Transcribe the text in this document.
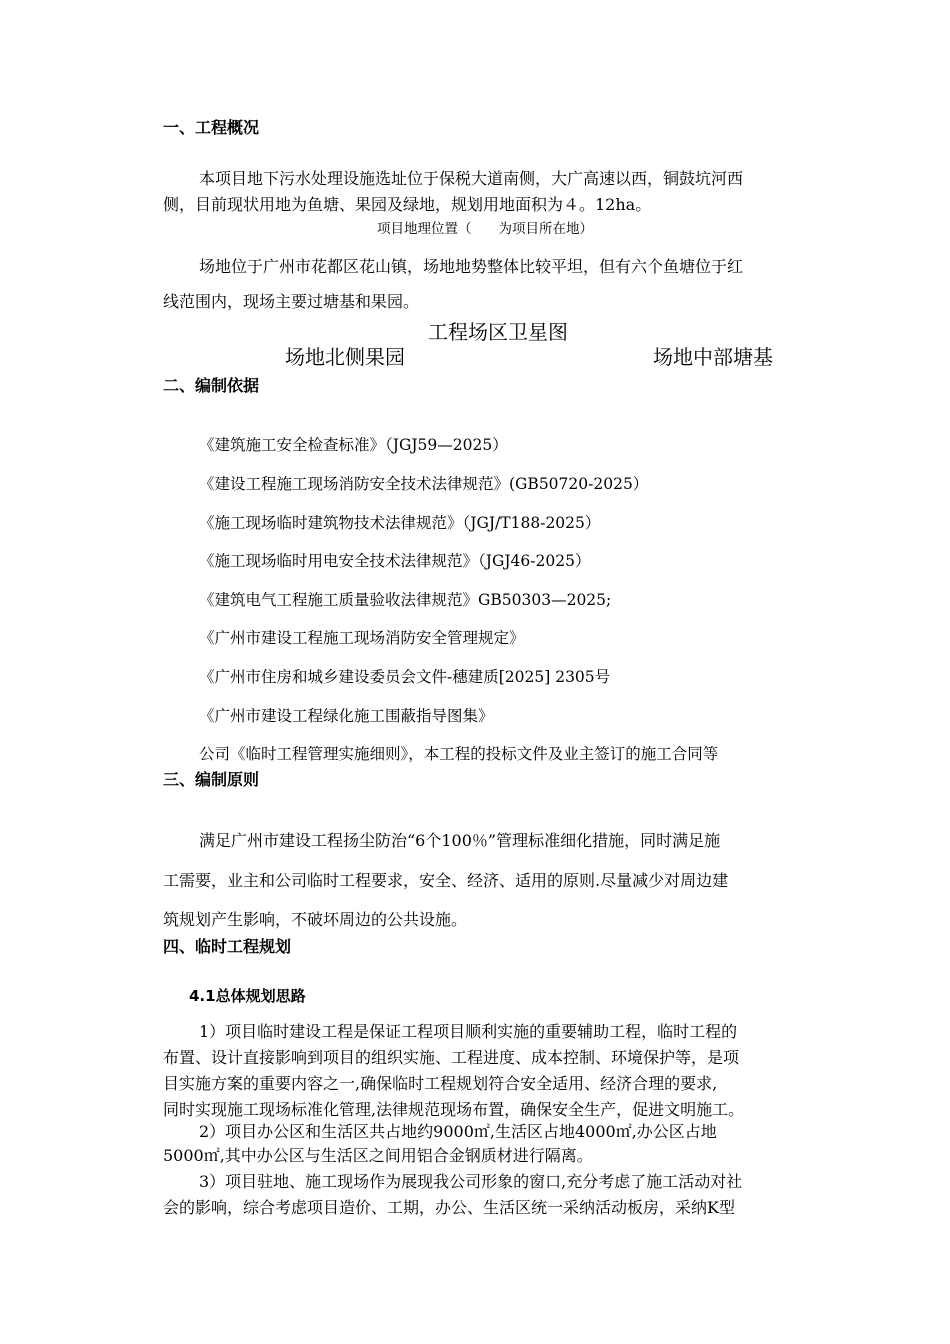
一、工程概况
本项目地下污水处理设施选址位于保税大道南侧，大广高速以西，铜鼓坑河西
侧，目前现状用地为鱼塘、果园及绿地，规划用地面积为４。12ha。
项目地理位置（　　为项目所在地）
场地位于广州市花都区花山镇，场地地势整体比较平坦，但有六个鱼塘位于红
线范围内，现场主要过塘基和果园。
工程场区卫星图
场地北侧果园	场地中部塘基
二、编制依据
《建筑施工安全检查标准》（JGJ59—2025）
《建设工程施工现场消防安全技术法律规范》(GB50720-2025）
《施工现场临时建筑物技术法律规范》（JGJ/T188-2025）
《施工现场临时用电安全技术法律规范》（JGJ46-2025）
《建筑电气工程施工质量验收法律规范》GB50303—2025;
《广州市建设工程施工现场消防安全管理规定》
《广州市住房和城乡建设委员会文件-穗建质[2025] 2305号
《广州市建设工程绿化施工围蔽指导图集》
公司《临时工程管理实施细则》，本工程的投标文件及业主签订的施工合同等
三、编制原则
满足广州市建设工程扬尘防治“6个100％”管理标准细化措施，同时满足施
工需要，业主和公司临时工程要求，安全、经济、适用的原则.尽量减少对周边建
筑规划产生影响，不破坏周边的公共设施。
四、临时工程规划
4.1总体规划思路
1）项目临时建设工程是保证工程项目顺利实施的重要辅助工程，临时工程的
布置、设计直接影响到项目的组织实施、工程进度、成本控制、环境保护等，是项
目实施方案的重要内容之一,确保临时工程规划符合安全适用、经济合理的要求,
同时实现施工现场标准化管理,法律规范现场布置，确保安全生产，促进文明施工。
2）项目办公区和生活区共占地约9000㎡,生活区占地4000㎡,办公区占地
5000㎡,其中办公区与生活区之间用铝合金钢质材进行隔离。
3）项目驻地、施工现场作为展现我公司形象的窗口,充分考虑了施工活动对社
会的影响，综合考虑项目造价、工期，办公、生活区统一采纳活动板房，采纳K型
